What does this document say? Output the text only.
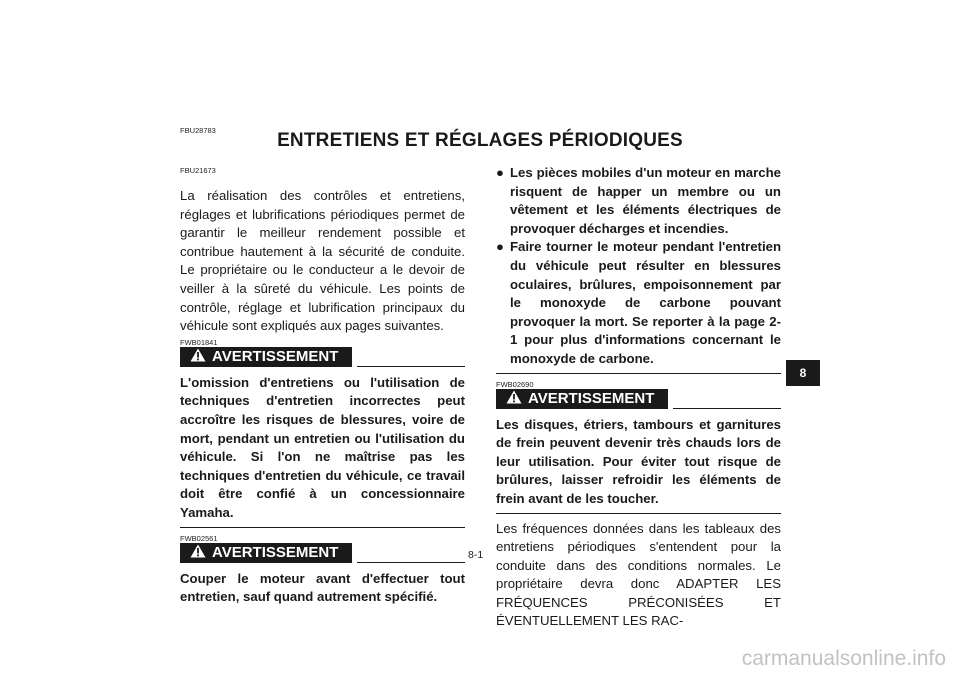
FBU28783	ENTRETIENS ET RÉGLAGES PÉRIODIQUES
FBU21673

La réalisation des contrôles et entretiens, réglages et lubrifications périodiques permet de garantir le meilleur rendement possible et contribue hautement à la sécurité de conduite. Le propriétaire ou le conducteur a le devoir de veiller à la sûreté du véhicule. Les points de contrôle, réglage et lubrification principaux du véhicule sont expliqués aux pages suivantes.

FWB01841
AVERTISSEMENT

L'omission d'entretiens ou l'utilisation de techniques d'entretien incorrectes peut accroître les risques de blessures, voire de mort, pendant un entretien ou l'utilisation du véhicule. Si l'on ne maîtrise pas les techniques d'entretien du véhicule, ce travail doit être confié à un concessionnaire Yamaha.

FWB02561
AVERTISSEMENT

Couper le moteur avant d'effectuer tout entretien, sauf quand autrement spécifié.

● Les pièces mobiles d'un moteur en marche risquent de happer un membre ou un vêtement et les éléments électriques de provoquer décharges et incendies.
● Faire tourner le moteur pendant l'entretien du véhicule peut résulter en blessures oculaires, brûlures, empoisonnement par le monoxyde de carbone pouvant provoquer la mort. Se reporter à la page 2-1 pour plus d'informations concernant le monoxyde de carbone.
FWB02690
AVERTISSEMENT

Les disques, étriers, tambours et garnitures de frein peuvent devenir très chauds lors de leur utilisation. Pour éviter tout risque de brûlures, laisser refroidir les éléments de frein avant de les toucher.

Les fréquences données dans les tableaux des entretiens périodiques s'entendent pour la conduite dans des conditions normales. Le propriétaire devra donc ADAPTER LES FRÉQUENCES PRÉCONISÉES ET ÉVENTUELLEMENT LES RAC-

8-1
8
carmanualsonline.info
